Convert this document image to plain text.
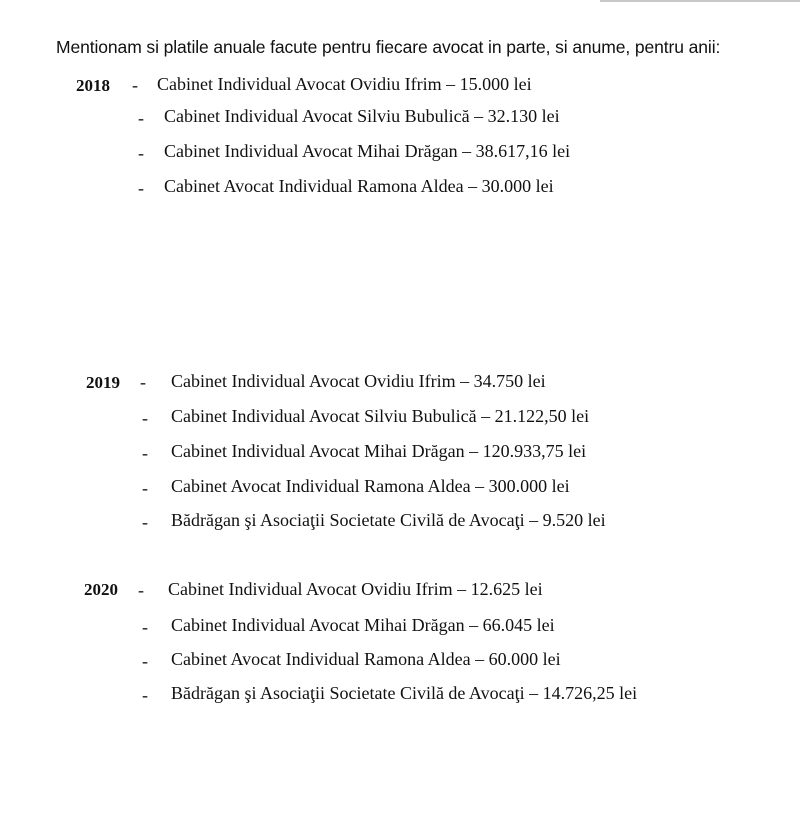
Mentionam si platile anuale facute pentru fiecare avocat in parte, si anume, pentru anii:
2018 - Cabinet Individual Avocat Ovidiu Ifrim – 15.000 lei
- Cabinet Individual Avocat Silviu Bubulică – 32.130 lei
- Cabinet Individual Avocat Mihai Drăgan – 38.617,16 lei
- Cabinet Avocat Individual Ramona Aldea – 30.000 lei
2019 - Cabinet Individual Avocat Ovidiu Ifrim – 34.750 lei
- Cabinet Individual Avocat Silviu Bubulică – 21.122,50 lei
- Cabinet Individual Avocat Mihai Drăgan – 120.933,75 lei
- Cabinet Avocat Individual Ramona Aldea – 300.000 lei
- Bădrăgan şi Asociaţii Societate Civilă de Avocaţi – 9.520 lei
2020 - Cabinet Individual Avocat Ovidiu Ifrim – 12.625 lei
- Cabinet Individual Avocat Mihai Drăgan – 66.045 lei
- Cabinet Avocat Individual Ramona Aldea – 60.000 lei
- Bădrăgan şi Asociaţii Societate Civilă de Avocaţi – 14.726,25 lei
